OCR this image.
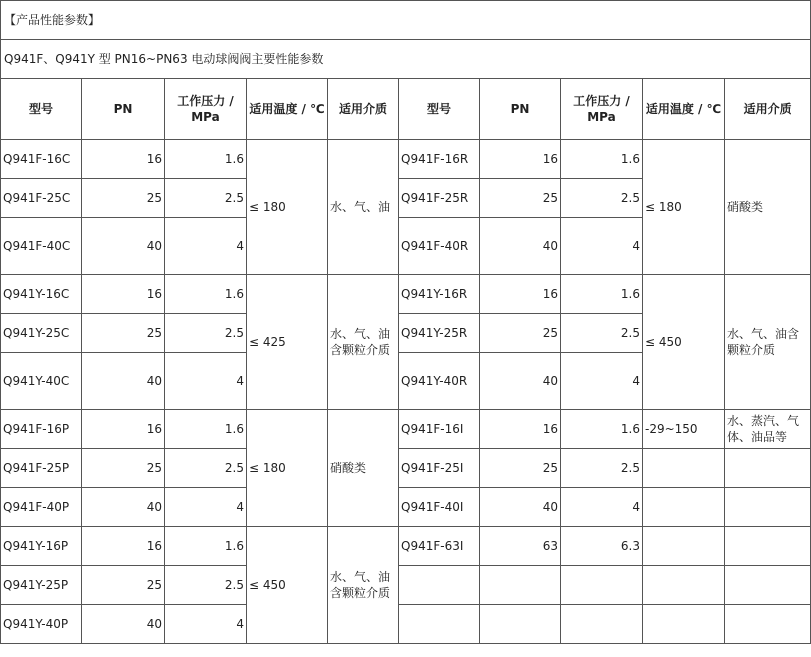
【产品性能参数】									
Q941F、Q941Y 型 PN16~PN63 电动球阀阀主要性能参数									
型号	PN	工作压力 / MPa	适用温度 / ℃	适用介质	型号	PN	工作压力 / MPa	适用温度 / ℃	适用介质
Q941F-16C	16	1.6	≤ 180	水、气、油	Q941F-16R	16	1.6	≤ 180	硝酸类
Q941F-25C	25	2.5			Q941F-25R	25	2.5		
Q941F-40C	40	4			Q941F-40R	40	4		
Q941Y-16C	16	1.6	≤ 425	水、气、油含颗粒介质	Q941Y-16R	16	1.6	≤ 450	水、气、油含颗粒介质
Q941Y-25C	25	2.5			Q941Y-25R	25	2.5		
Q941Y-40C	40	4			Q941Y-40R	40	4		
Q941F-16P	16	1.6	≤ 180	硝酸类	Q941F-16I	16	1.6	-29~150	水、蒸汽、气体、油品等
Q941F-25P	25	2.5			Q941F-25I	25	2.5		
Q941F-40P	40	4			Q941F-40I	40	4		
Q941Y-16P	16	1.6	≤ 450	水、气、油含颗粒介质	Q941F-63I	63	6.3		
Q941Y-25P	25	2.5							
Q941Y-40P	40	4							
